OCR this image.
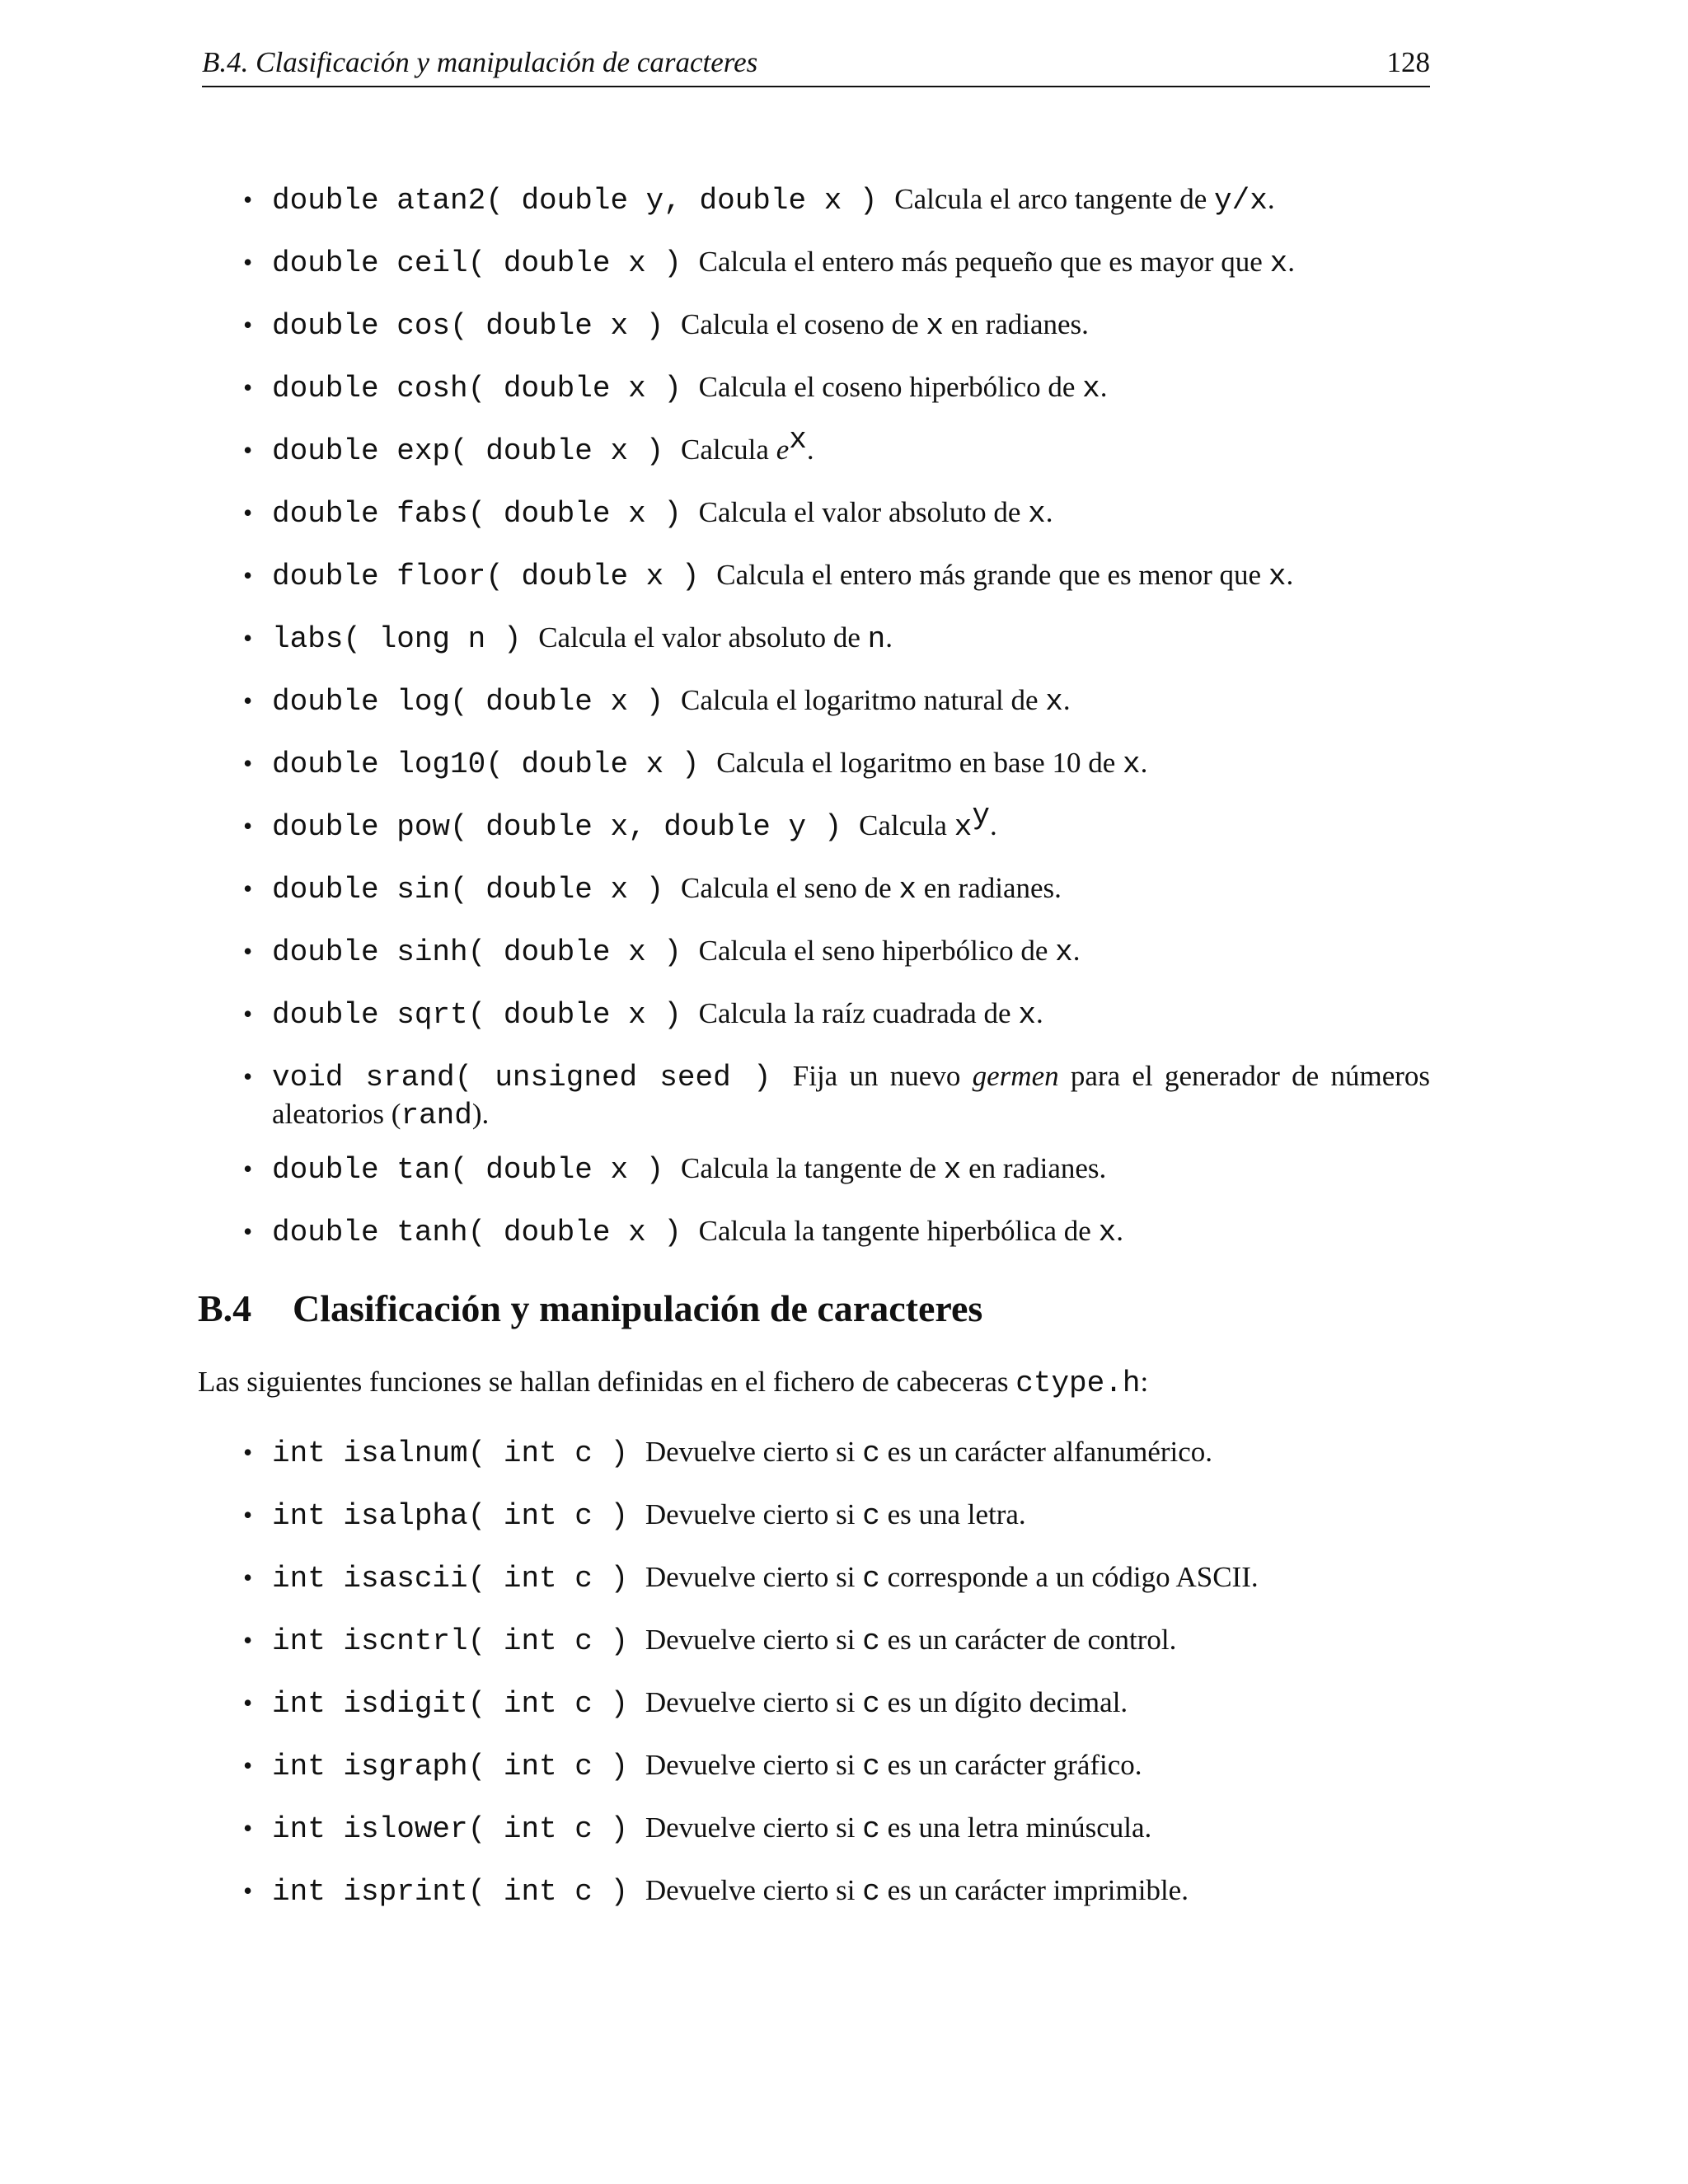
B.4. Clasificación y manipulación de caracteres	128
• double atan2( double y, double x ) Calcula el arco tangente de y/x.
• double ceil( double x ) Calcula el entero más pequeño que es mayor que x.
• double cos( double x ) Calcula el coseno de x en radianes.
• double cosh( double x ) Calcula el coseno hiperbólico de x.
• double exp( double x ) Calcula $e^x$.
• double fabs( double x ) Calcula el valor absoluto de x.
• double floor( double x ) Calcula el entero más grande que es menor que x.
• labs( long n ) Calcula el valor absoluto de n.
• double log( double x ) Calcula el logaritmo natural de x.
• double log10( double x ) Calcula el logaritmo en base 10 de x.
• double pow( double x, double y ) Calcula $x^y$.
• double sin( double x ) Calcula el seno de x en radianes.
• double sinh( double x ) Calcula el seno hiperbólico de x.
• double sqrt( double x ) Calcula la raíz cuadrada de x.
• void srand( unsigned seed ) Fija un nuevo germen para el generador de números aleatorios (rand).
• double tan( double x ) Calcula la tangente de x en radianes.
• double tanh( double x ) Calcula la tangente hiperbólica de x.
B.4 Clasificación y manipulación de caracteres

Las siguientes funciones se hallan definidas en el fichero de cabeceras ctype.h:

• int isalnum( int c ) Devuelve cierto si c es un carácter alfanumérico.
• int isalpha( int c ) Devuelve cierto si c es una letra.
• int isascii( int c ) Devuelve cierto si c corresponde a un código ASCII.
• int iscntrl( int c ) Devuelve cierto si c es un carácter de control.
• int isdigit( int c ) Devuelve cierto si c es un dígito decimal.
• int isgraph( int c ) Devuelve cierto si c es un carácter gráfico.
• int islower( int c ) Devuelve cierto si c es una letra minúscula.
• int isprint( int c ) Devuelve cierto si c es un carácter imprimible.
